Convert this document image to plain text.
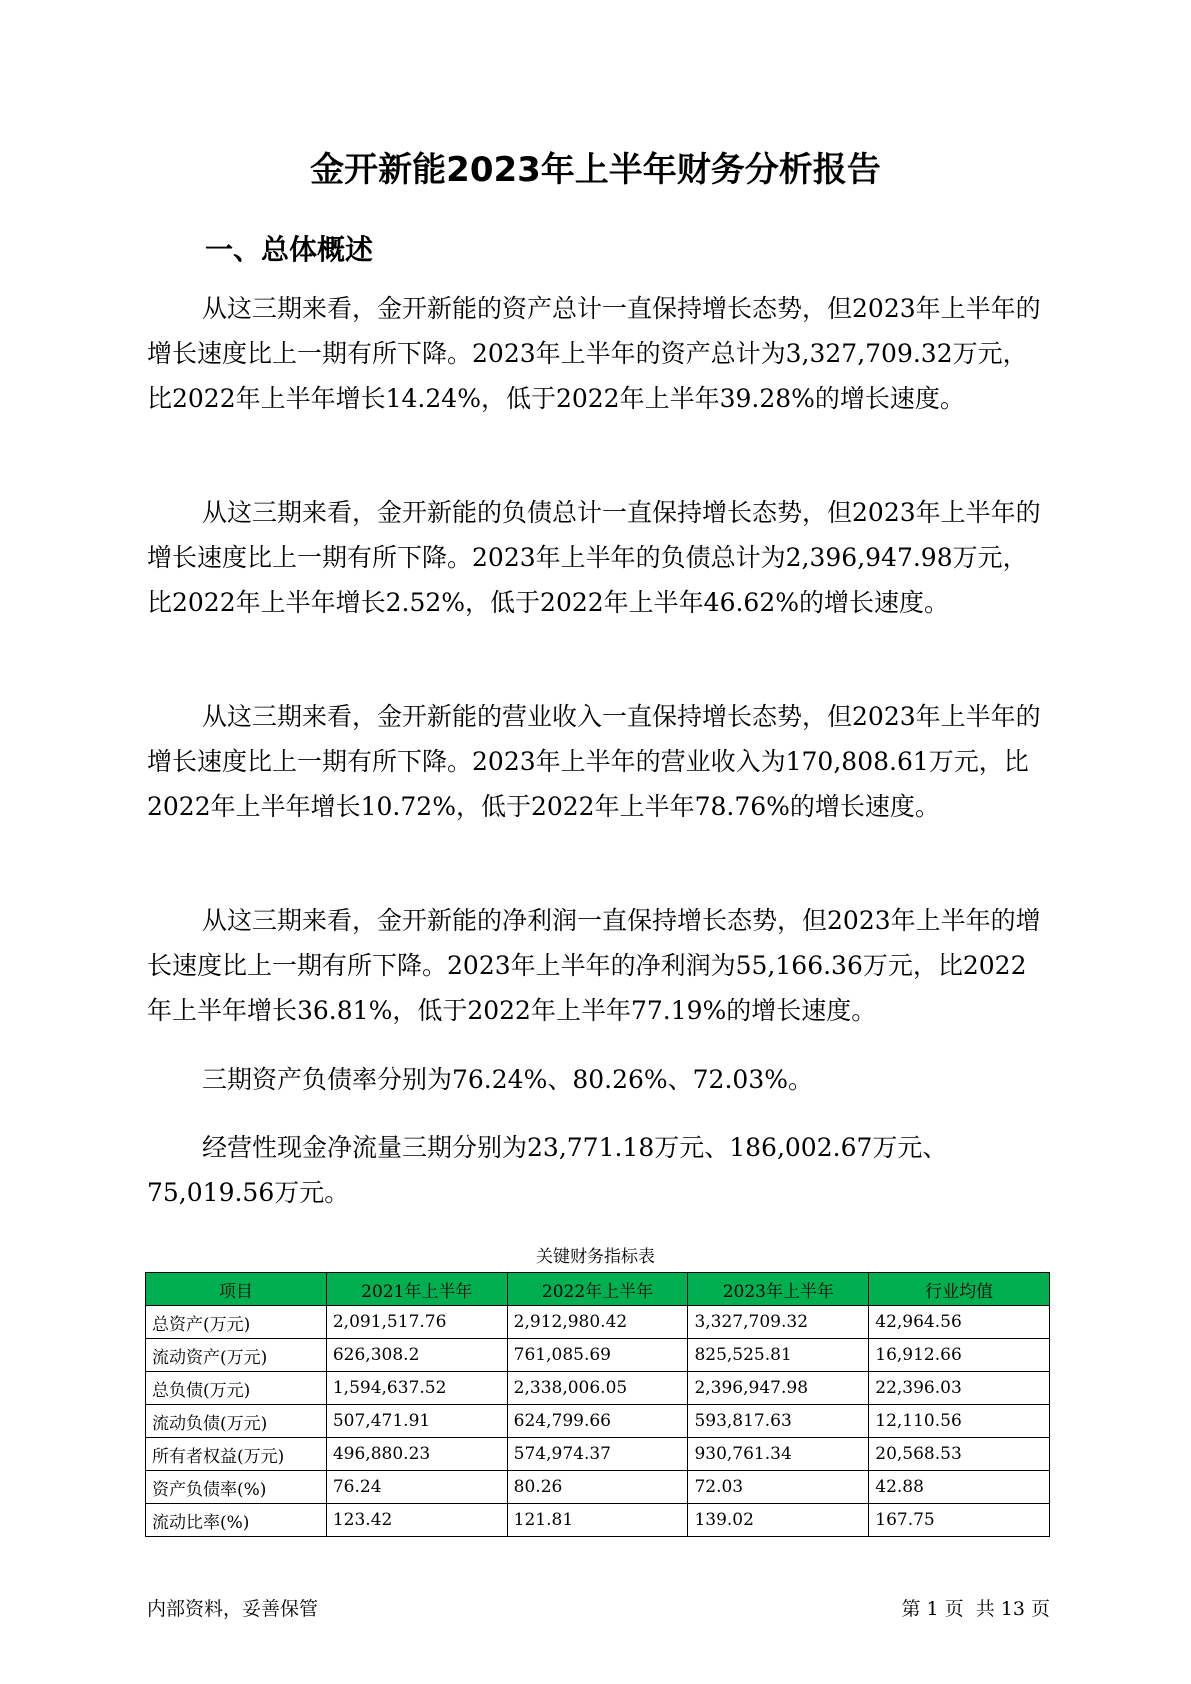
金开新能2023年上半年财务分析报告
一、总体概述

从这三期来看，金开新能的资产总计一直保持增长态势，但2023年上半年的增长速度比上一期有所下降。2023年上半年的资产总计为3,327,709.32万元，比2022年上半年增长14.24%，低于2022年上半年39.28%的增长速度。

从这三期来看，金开新能的负债总计一直保持增长态势，但2023年上半年的增长速度比上一期有所下降。2023年上半年的负债总计为2,396,947.98万元，比2022年上半年增长2.52%，低于2022年上半年46.62%的增长速度。

从这三期来看，金开新能的营业收入一直保持增长态势，但2023年上半年的增长速度比上一期有所下降。2023年上半年的营业收入为170,808.61万元，比2022年上半年增长10.72%，低于2022年上半年78.76%的增长速度。

从这三期来看，金开新能的净利润一直保持增长态势，但2023年上半年的增长速度比上一期有所下降。2023年上半年的净利润为55,166.36万元，比2022年上半年增长36.81%，低于2022年上半年77.19%的增长速度。

三期资产负债率分别为76.24%、80.26%、72.03%。

经营性现金净流量三期分别为23,771.18万元、186,002.67万元、75,019.56万元。

关键财务指标表
项目	2021年上半年	2022年上半年	2023年上半年	行业均值
总资产(万元)	2,091,517.76	2,912,980.42	3,327,709.32	42,964.56
流动资产(万元)	626,308.2	761,085.69	825,525.81	16,912.66
总负债(万元)	1,594,637.52	2,338,006.05	2,396,947.98	22,396.03
流动负债(万元)	507,471.91	624,799.66	593,817.63	12,110.56
所有者权益(万元)	496,880.23	574,974.37	930,761.34	20,568.53
资产负债率(%)	76.24	80.26	72.03	42.88
流动比率(%)	123.42	121.81	139.02	167.75
内部资料，妥善保管	第 1 页  共 13 页
